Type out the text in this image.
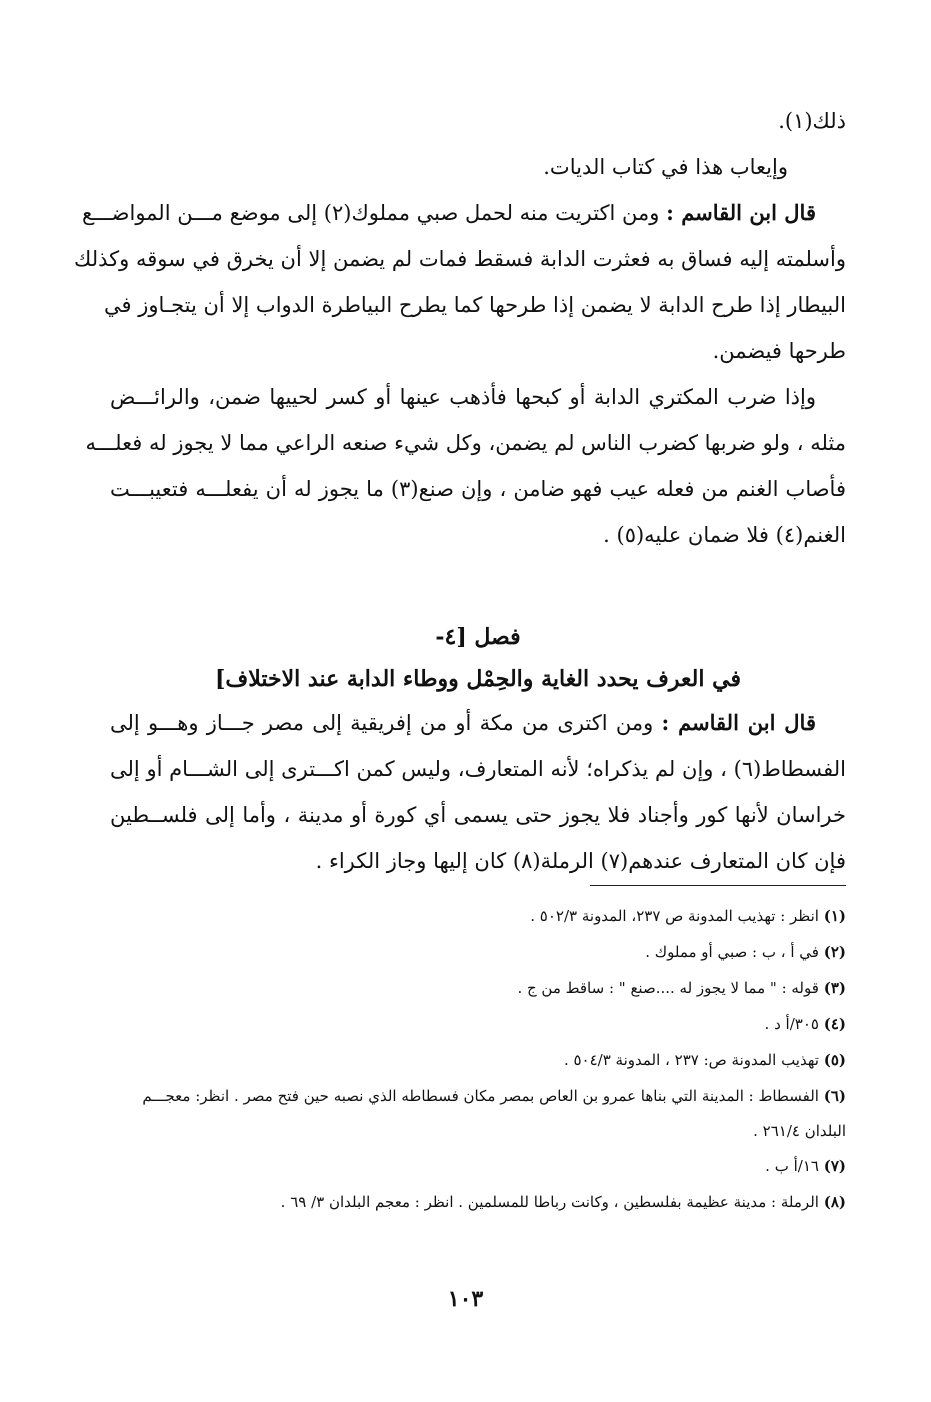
ذلك(١).
وإيعاب هذا في كتاب الديات.
قال ابن القاسم : ومن اكتريت منه لحمل صبي مملوك(٢) إلى موضع مـــن المواضـــع
وأسلمته إليه فساق به فعثرت الدابة فسقط فمات لم يضمن إلا أن يخرق في سوقه وكذلك
البيطار إذا طرح الدابة لا يضمن إذا طرحها كما يطرح البياطرة الدواب إلا أن يتجـاوز في
طرحها فيضمن.
وإذا ضرب المكتري الدابة أو كبحها فأذهب عينها أو كسر لحييها ضمن، والرائـــض
مثله ، ولو ضربها كضرب الناس لم يضمن، وكل شيء صنعه الراعي مما لا يجوز له فعلـــه
فأصاب الغنم من فعله عيب فهو ضامن ، وإن صنع(٣) ما يجوز له أن يفعلـــه فتعيبـــت
الغنم(٤) فلا ضمان عليه(٥) .
فصل [٤-
في العرف يحدد الغاية والحِمْل ووطاء الدابة عند الاختلاف]
قال ابن القاسم : ومن اكترى من مكة أو من إفريقية إلى مصر جـــاز وهـــو إلى
الفسطاط(٦) ، وإن لم يذكراه؛ لأنه المتعارف، وليس كمن اكـــترى إلى الشـــام أو إلى
خراسان لأنها كور وأجناد فلا يجوز حتى يسمى أي كورة أو مدينة ، وأما إلى فلســطين
فإن كان المتعارف عندهم(٧) الرملة(٨) كان إليها وجاز الكراء .
(١) انظر : تهذيب المدونة ص ٢٣٧، المدونة ٥٠٢/٣ .
(٢) في أ ، ب : صبي أو مملوك .
(٣) قوله : " مما لا يجوز له ....صنع " : ساقط من ج .
(٤) ٣٠٥/أ د .
(٥) تهذيب المدونة ص: ٢٣٧ ، المدونة ٥٠٤/٣ .
(٦) الفسطاط : المدينة التي بناها عمرو بن العاص بمصر مكان فسطاطه الذي نصبه حين فتح مصر . انظر: معجـــم
البلدان ٢٦١/٤ .
(٧) ١٦/أ ب .
(٨) الرملة : مدينة عظيمة بفلسطين ، وكانت رباطا للمسلمين . انظر : معجم البلدان ٣/ ٦٩ .
١٠٣
